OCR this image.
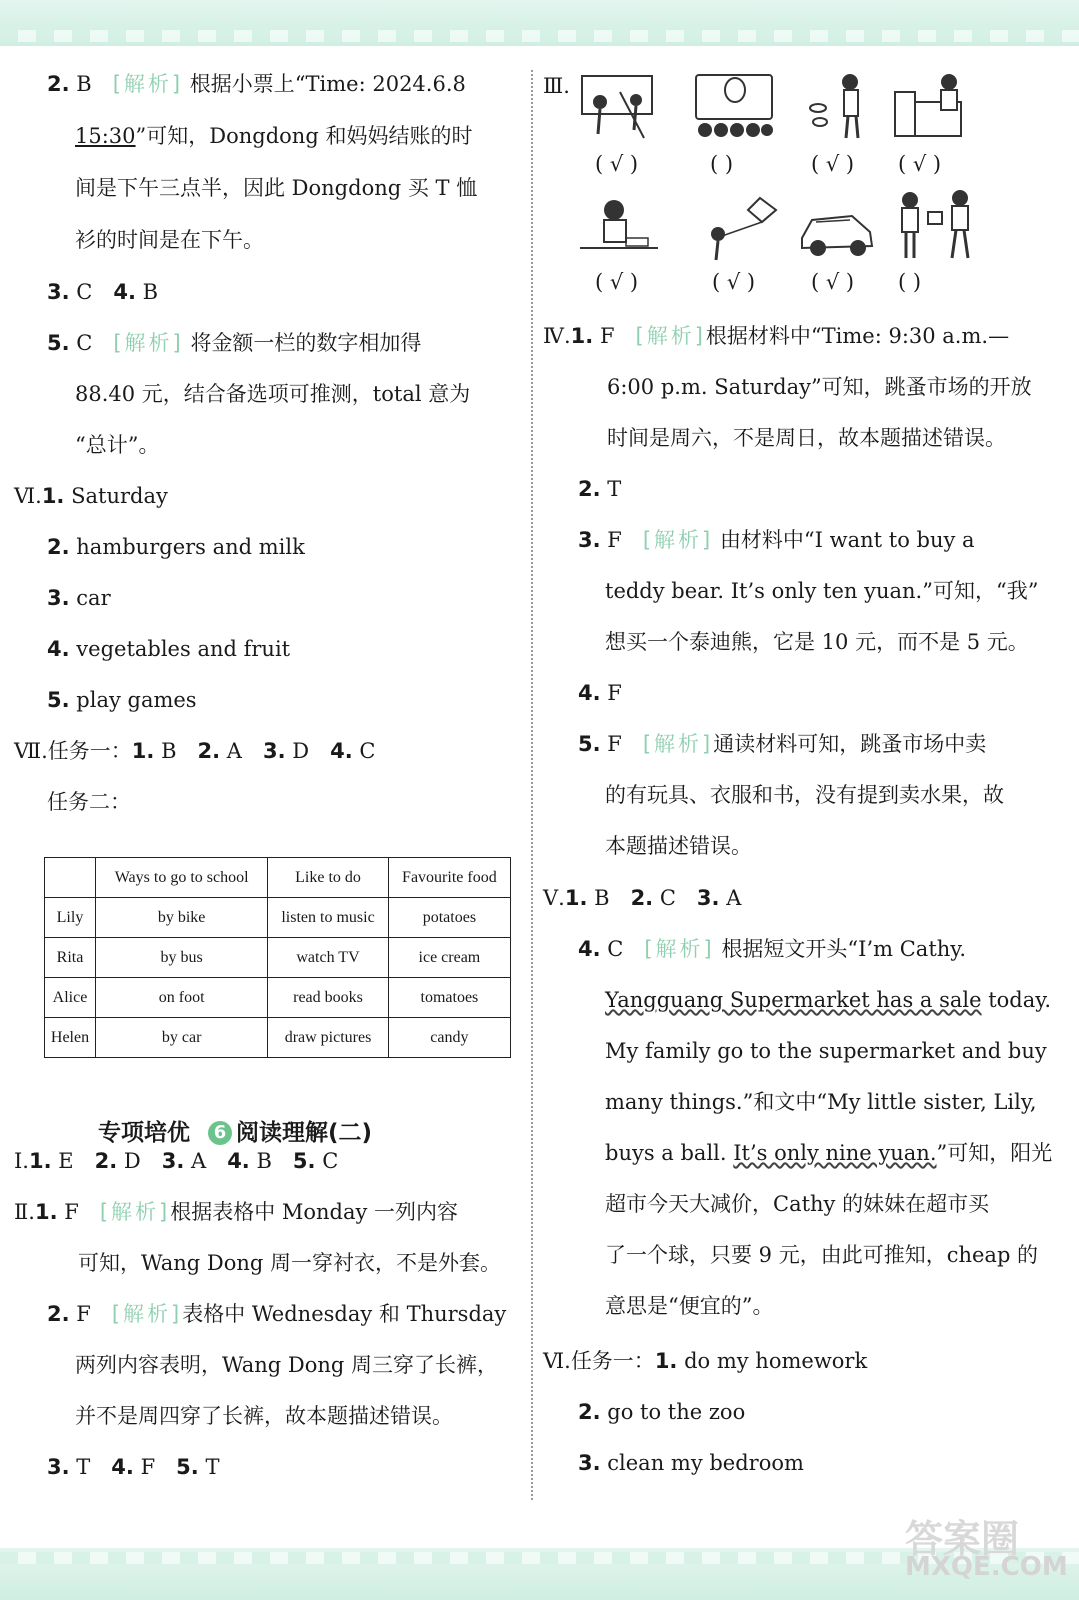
2. B　 [解析] 根据小票上“Time: 2024.6.8
15:30”可知，Dongdong 和妈妈结账的时
间是下午三点半，因此 Dongdong 买 T 恤
衫的时间是在下午。
3. C　 4. B
5. C　 [解析] 将金额一栏的数字相加得
88.40 元，结合备选项可推测，total 意为
“总计”。
Ⅵ.1. Saturday
2. hamburgers and milk
3. car
4. vegetables and fruit
5. play games
Ⅶ.任务一：1. B　 2. A　 3. D　 4. C
任务二：
	Ways to go to school	Like to do	Favourite food
Lily	by bike	listen to music	potatoes
Rita	by bus	watch TV	ice cream
Alice	on foot	read books	tomatoes
Helen	by car	draw pictures	candy
专项培优 6 阅读理解(二)
Ⅰ.1. E　 2. D　 3. A　 4. B　 5. C
Ⅱ.1. F　 [解析]根据表格中 Monday 一列内容
可知，Wang Dong 周一穿衬衣，不是外套。
2. F　 [解析]表格中 Wednesday 和 Thursday
两列内容表明，Wang Dong 周三穿了长裤，
并不是周四穿了长裤，故本题描述错误。
3. T　 4. F　 5. T
Ⅲ.
( √ )	( )	( √ ) ( √ )
( √ )	( √ )	( √ ) ( )
Ⅳ.1. F　 [解析]根据材料中“Time: 9:30 a.m.—
6:00 p.m. Saturday”可知，跳蚤市场的开放
时间是周六，不是周日，故本题描述错误。
2. T
3. F　 [解析] 由材料中“I want to buy a
teddy bear. It’s only ten yuan.”可知，“我”
想买一个泰迪熊，它是 10 元，而不是 5 元。
4. F
5. F　 [解析]通读材料可知，跳蚤市场中卖
的有玩具、衣服和书，没有提到卖水果，故
本题描述错误。
Ⅴ.1. B　 2. C　 3. A
4. C　 [解析] 根据短文开头“I’m Cathy.
Yangguang Supermarket has a sale today.
My family go to the supermarket and buy
many things.”和文中“My little sister, Lily,
buys a ball. It’s only nine yuan.”可知，阳光
超市今天大减价，Cathy 的妹妹在超市买
了一个球，只要 9 元，由此可推知，cheap 的
意思是“便宜的”。
Ⅵ.任务一：1. do my homework
2. go to the zoo
3. clean my bedroom
答案圈
MXQE.COM
